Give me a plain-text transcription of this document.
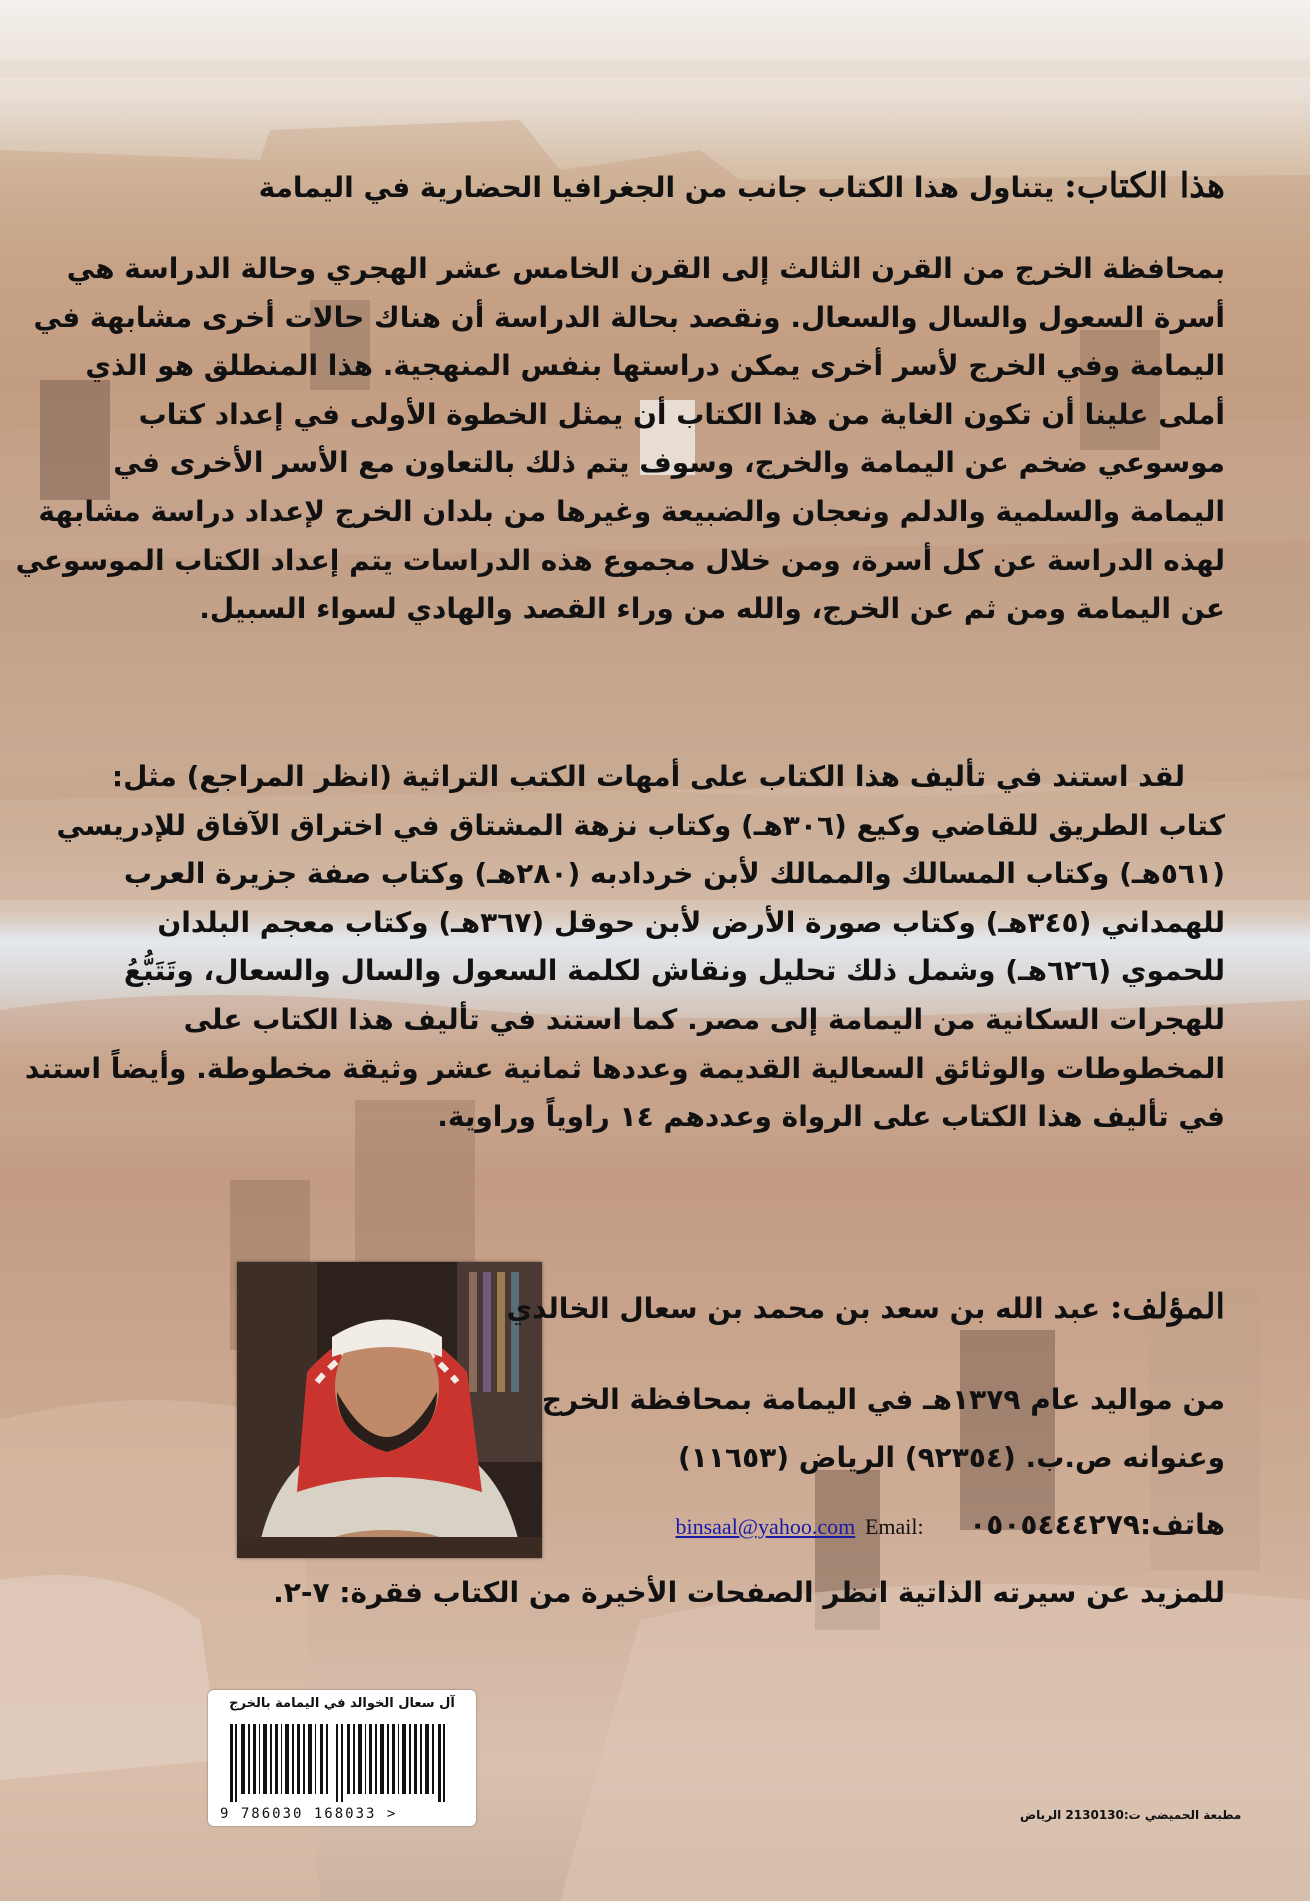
هذا الكتاب: يتناول هذا الكتاب جانب من الجغرافيا الحضارية في اليمامة
بمحافظة الخرج من القرن الثالث إلى القرن الخامس عشر الهجري وحالة الدراسة هي
أسرة السعول والسال والسعال. ونقصد بحالة الدراسة أن هناك حالات أخرى مشابهة في
اليمامة وفي الخرج لأسر أخرى يمكن دراستها بنفس المنهجية. هذا المنطلق هو الذي
أملى علينا أن تكون الغاية من هذا الكتاب أن يمثل الخطوة الأولى في إعداد كتاب
موسوعي ضخم عن اليمامة والخرج، وسوف يتم ذلك بالتعاون مع الأسر الأخرى في
اليمامة والسلمية والدلم ونعجان والضبيعة وغيرها من بلدان الخرج لإعداد دراسة مشابهة
لهذه الدراسة عن كل أسرة، ومن خلال مجموع هذه الدراسات يتم إعداد الكتاب الموسوعي
عن اليمامة ومن ثم عن الخرج، والله من وراء القصد والهادي لسواء السبيل.
لقد استند في تأليف هذا الكتاب على أمهات الكتب التراثية (انظر المراجع) مثل:
كتاب الطريق للقاضي وكيع (٣٠٦هـ) وكتاب نزهة المشتاق في اختراق الآفاق للإدريسي
(٥٦١هـ) وكتاب المسالك والممالك لأبن خردادبه (٢٨٠هـ) وكتاب صفة جزيرة العرب
للهمداني (٣٤٥هـ) وكتاب صورة الأرض لأبن حوقل (٣٦٧هـ) وكتاب معجم البلدان
للحموي (٦٢٦هـ) وشمل ذلك تحليل ونقاش لكلمة السعول والسال والسعال، وتَتَبُّعُ
للهجرات السكانية من اليمامة إلى مصر. كما استند في تأليف هذا الكتاب على
المخطوطات والوثائق السعالية القديمة وعددها ثمانية عشر وثيقة مخطوطة. وأيضاً استند
في تأليف هذا الكتاب على الرواة وعددهم ١٤ راوياً وراوية.
المؤلف: عبد الله بن سعد بن محمد بن سعال الخالدي
من مواليد عام ١٣٧٩هـ في اليمامة بمحافظة الخرج
وعنوانه ص.ب. (٩٢٣٥٤) الرياض (١١٦٥٣)
هاتف:٠٥٠٥٤٤٤٢٧٩  binsaal@yahoo.com Email:
للمزيد عن سيرته الذاتية انظر الصفحات الأخيرة من الكتاب فقرة: ٧-٢.
آل سعال الخوالد في اليمامة بالخرج
9 786030 168033 >	مطبعة الحميضي ت:2130130 الرياض
